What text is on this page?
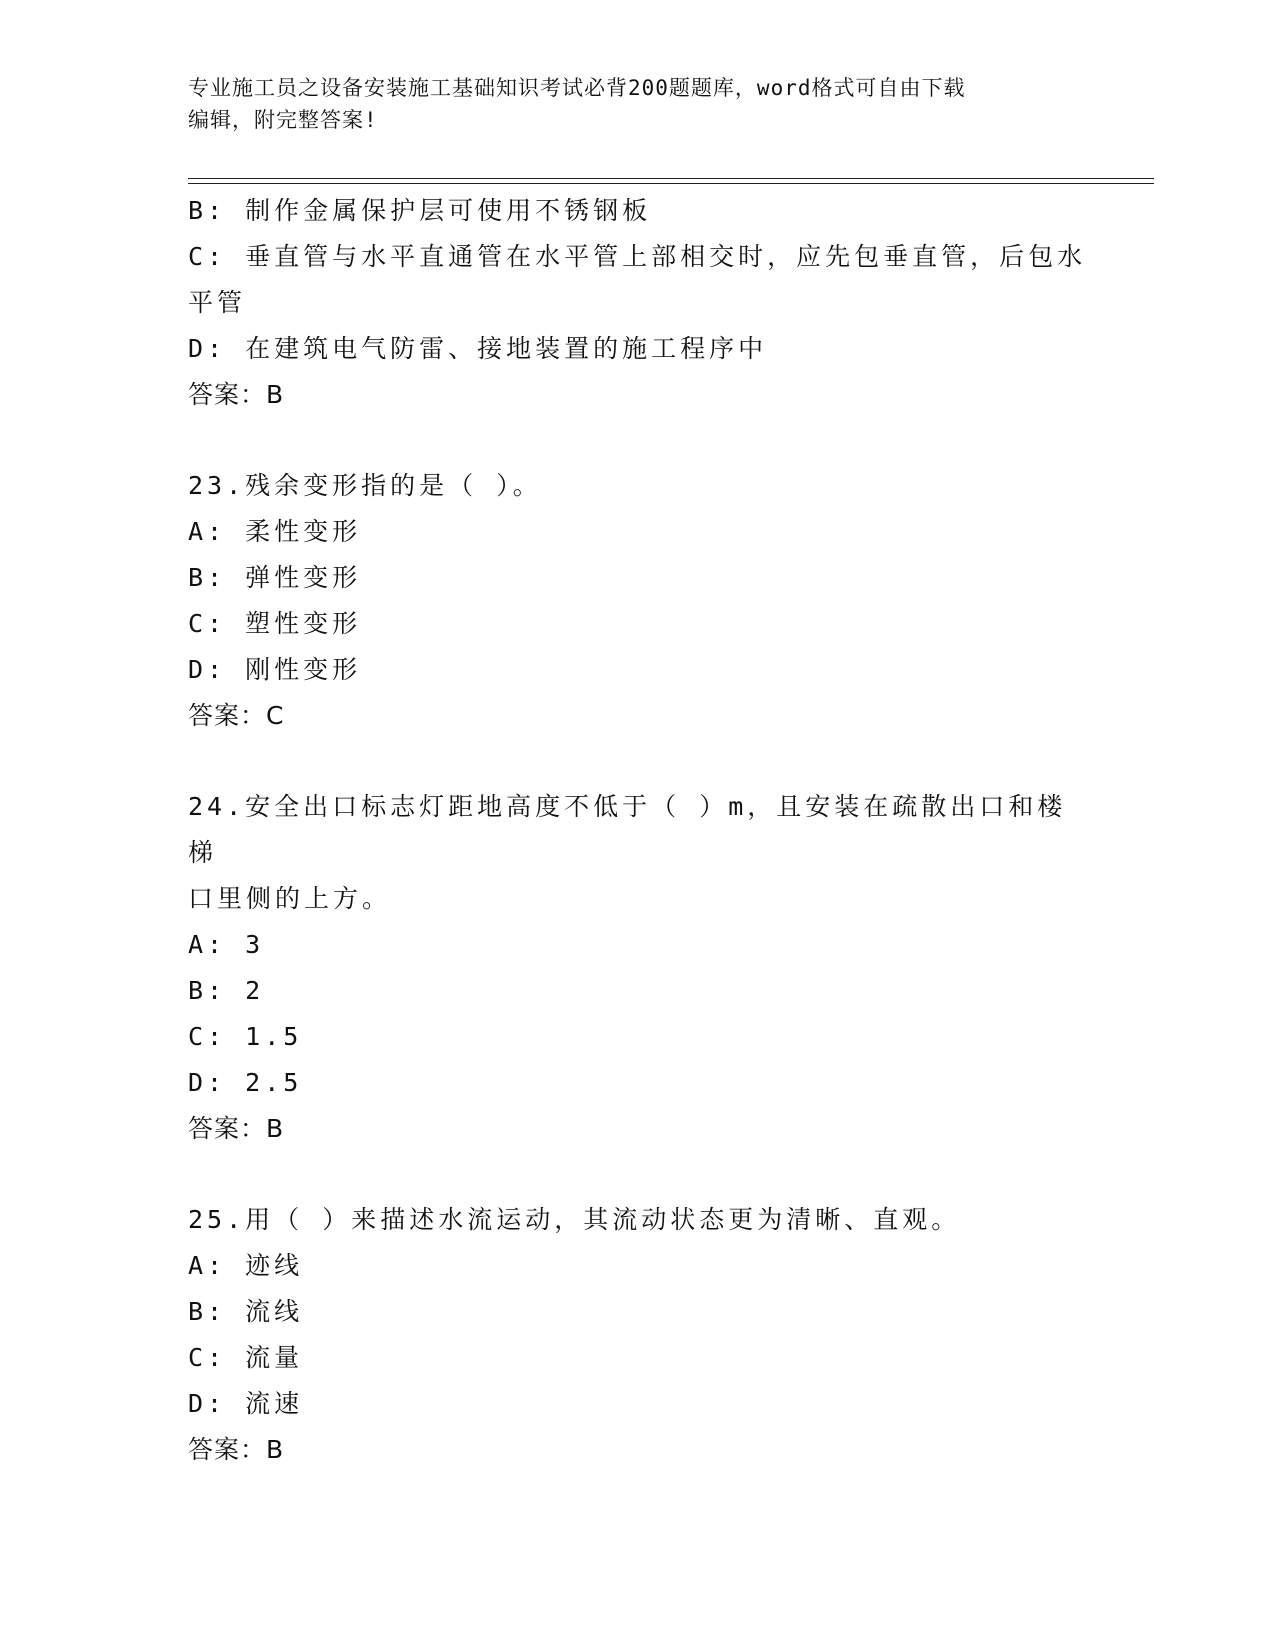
专业施工员之设备安装施工基础知识考试必背200题题库，word格式可自由下载
编辑，附完整答案!
B: 制作金属保护层可使用不锈钢板
C: 垂直管与水平直通管在水平管上部相交时，应先包垂直管，后包水
平管
D: 在建筑电气防雷、接地装置的施工程序中
答案：B
23.残余变形指的是（ ）。
A: 柔性变形
B: 弹性变形
C: 塑性变形
D: 刚性变形
答案：C
24.安全出口标志灯距地高度不低于（ ）m，且安装在疏散出口和楼梯
口里侧的上方。
A: 3
B: 2
C: 1.5
D: 2.5
答案：B
25.用（ ）来描述水流运动，其流动状态更为清晰、直观。
A: 迹线
B: 流线
C: 流量
D: 流速
答案：B
